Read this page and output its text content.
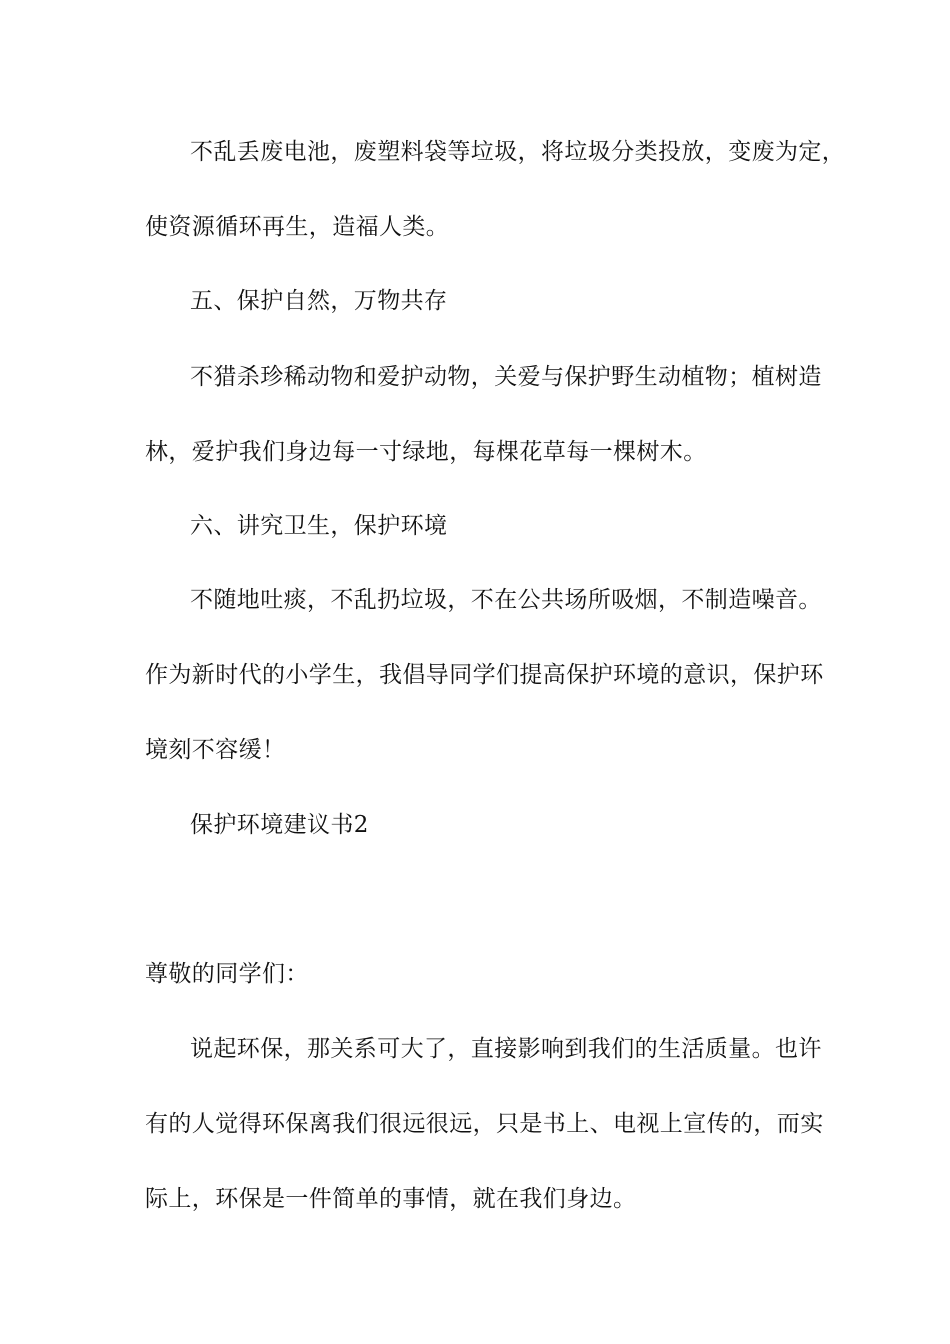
不乱丢废电池，废塑料袋等垃圾，将垃圾分类投放，变废为定，
使资源循环再生，造福人类。
五、保护自然，万物共存
不猎杀珍稀动物和爱护动物，关爱与保护野生动植物；植树造
林，爱护我们身边每一寸绿地，每棵花草每一棵树木。
六、讲究卫生，保护环境
不随地吐痰，不乱扔垃圾，不在公共场所吸烟，不制造噪音。
作为新时代的小学生，我倡导同学们提高保护环境的意识，保护环
境刻不容缓！
保护环境建议书2
尊敬的同学们：
说起环保，那关系可大了，直接影响到我们的生活质量。也许
有的人觉得环保离我们很远很远，只是书上、电视上宣传的，而实
际上，环保是一件简单的事情，就在我们身边。
